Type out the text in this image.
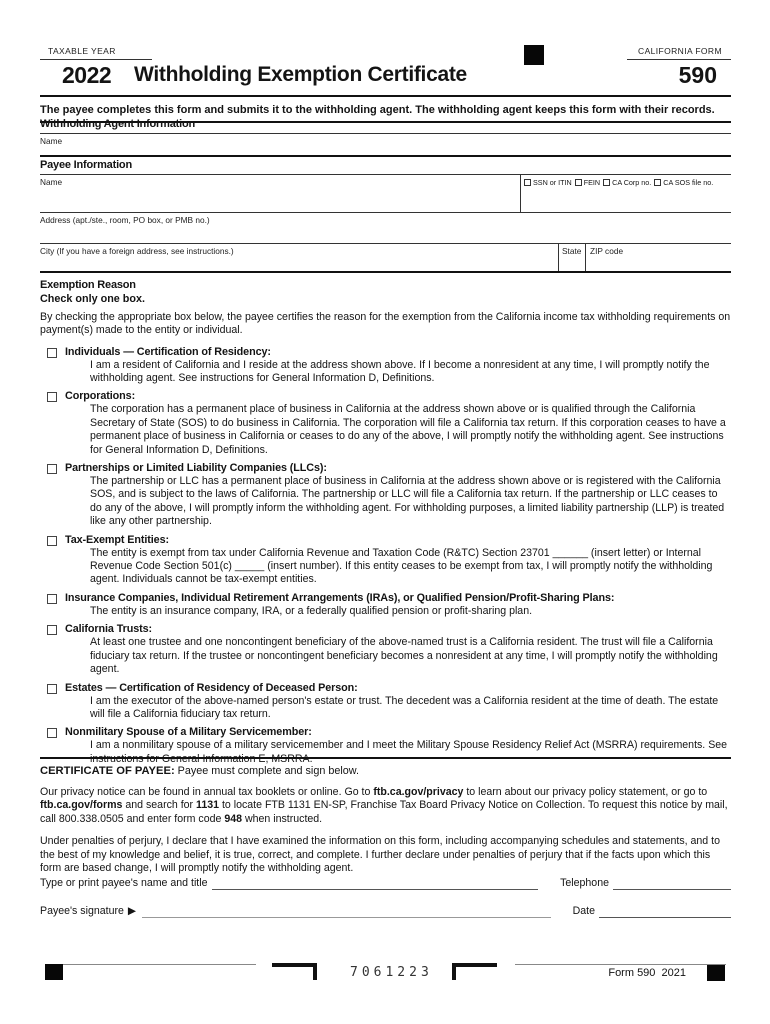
TAXABLE YEAR	CALIFORNIA FORM
2022 Withholding Exemption Certificate	590
The payee completes this form and submits it to the withholding agent. The withholding agent keeps this form with their records.
Withholding Agent Information
Name
Payee Information
Name	SSN or ITIN FEIN CA Corp no. CA SOS file no.
Address (apt./ste., room, PO box, or PMB no.)
City (If you have a foreign address, see instructions.)	State	ZIP code
Exemption Reason
Check only one box.
By checking the appropriate box below, the payee certifies the reason for the exemption from the California income tax withholding requirements on payment(s) made to the entity or individual.
Individuals — Certification of Residency:
I am a resident of California and I reside at the address shown above. If I become a nonresident at any time, I will promptly notify the withholding agent. See instructions for General Information D, Definitions.
Corporations:
The corporation has a permanent place of business in California at the address shown above or is qualified through the California Secretary of State (SOS) to do business in California. The corporation will file a California tax return. If this corporation ceases to have a permanent place of business in California or ceases to do any of the above, I will promptly notify the withholding agent. See instructions for General Information D, Definitions.
Partnerships or Limited Liability Companies (LLCs):
The partnership or LLC has a permanent place of business in California at the address shown above or is registered with the California SOS, and is subject to the laws of California. The partnership or LLC will file a California tax return. If the partnership or LLC ceases to do any of the above, I will promptly inform the withholding agent. For withholding purposes, a limited liability partnership (LLP) is treated like any other partnership.
Tax-Exempt Entities:
The entity is exempt from tax under California Revenue and Taxation Code (R&TC) Section 23701 ______ (insert letter) or Internal Revenue Code Section 501(c) _____ (insert number). If this entity ceases to be exempt from tax, I will promptly notify the withholding agent. Individuals cannot be tax-exempt entities.
Insurance Companies, Individual Retirement Arrangements (IRAs), or Qualified Pension/Profit-Sharing Plans:
The entity is an insurance company, IRA, or a federally qualified pension or profit-sharing plan.
California Trusts:
At least one trustee and one noncontingent beneficiary of the above-named trust is a California resident. The trust will file a California fiduciary tax return. If the trustee or noncontingent beneficiary becomes a nonresident at any time, I will promptly notify the withholding agent.
Estates — Certification of Residency of Deceased Person:
I am the executor of the above-named person's estate or trust. The decedent was a California resident at the time of death. The estate will file a California fiduciary tax return.
Nonmilitary Spouse of a Military Servicemember:
I am a nonmilitary spouse of a military servicemember and I meet the Military Spouse Residency Relief Act (MSRRA) requirements. See instructions for General Information E, MSRRA.
CERTIFICATE OF PAYEE: Payee must complete and sign below.
Our privacy notice can be found in annual tax booklets or online. Go to ftb.ca.gov/privacy to learn about our privacy policy statement, or go to ftb.ca.gov/forms and search for 1131 to locate FTB 1131 EN-SP, Franchise Tax Board Privacy Notice on Collection. To request this notice by mail, call 800.338.0505 and enter form code 948 when instructed.
Under penalties of perjury, I declare that I have examined the information on this form, including accompanying schedules and statements, and to the best of my knowledge and belief, it is true, correct, and complete. I further declare under penalties of perjury that if the facts upon which this form are based change, I will promptly notify the withholding agent.
Type or print payee's name and title	Telephone
Payee's signature ▶	Date
7061223	Form 590  2021
